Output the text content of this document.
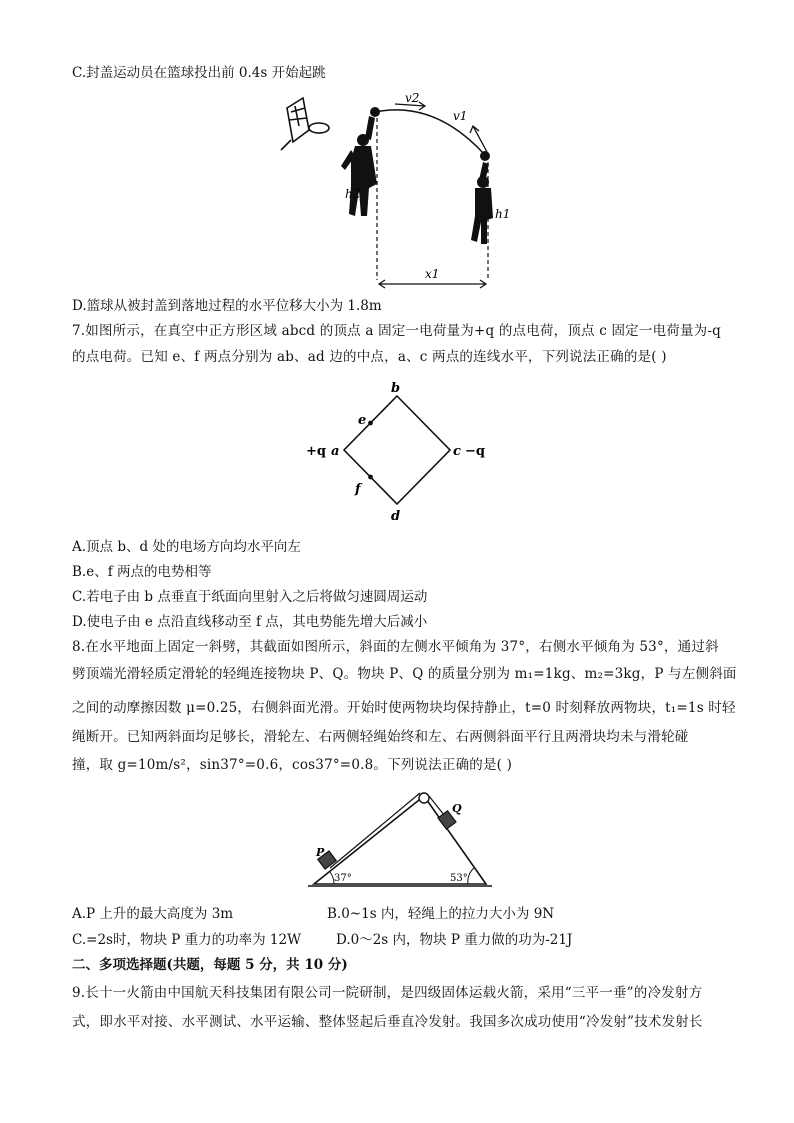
C.封盖运动员在篮球投出前 0.4s 开始起跳
v2
v1
h2
h1
x1
D.篮球从被封盖到落地过程的水平位移大小为 1.8m
7.如图所示，在真空中正方形区域 abcd 的顶点 a 固定一电荷量为+q 的点电荷，顶点 c 固定一电荷量为-q
的点电荷。已知 e、f 两点分别为 ab、ad 边的中点，a、c 两点的连线水平，下列说法正确的是( )
b
e
+q a	c −q
f
d
A.顶点 b、d 处的电场方向均水平向左
B.e、f 两点的电势相等
C.若电子由 b 点垂直于纸面向里射入之后将做匀速圆周运动
D.使电子由 e 点沿直线移动至 f 点，其电势能先增大后减小
8.在水平地面上固定一斜劈，其截面如图所示，斜面的左侧水平倾角为 37°，右侧水平倾角为 53°，通过斜
劈顶端光滑轻质定滑轮的轻绳连接物块 P、Q。物块 P、Q 的质量分别为 m₁=1kg、m₂=3kg，P 与左侧斜面
之间的动摩擦因数 μ=0.25，右侧斜面光滑。开始时使两物块均保持静止，t=0 时刻释放两物块，t₁=1s 时轻
绳断开。已知两斜面均足够长，滑轮左、右两侧轻绳始终和左、右两侧斜面平行且两滑块均未与滑轮碰
撞，取 g=10m/s²，sin37°=0.6，cos37°=0.8。下列说法正确的是( )
P
Q
37°	53°
A.P 上升的最大高度为 3m	B.0~1s 内，轻绳上的拉力大小为 9N
C.=2s时，物块 P 重力的功率为 12W	D.0～2s 内，物块 P 重力做的功为-21J
二、多项选择题(共题，每题 5 分，共 10 分)
9.长十一火箭由中国航天科技集团有限公司一院研制，是四级固体运载火箭，采用“三平一垂”的冷发射方
式，即水平对接、水平测试、水平运输、整体竖起后垂直冷发射。我国多次成功使用“冷发射”技术发射长
